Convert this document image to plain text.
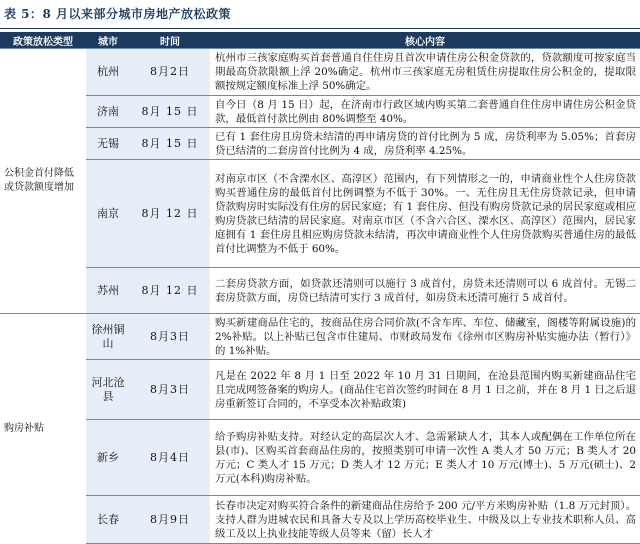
表 5：8 月以来部分城市房地产放松政策
政策放松类型	城市	时间	核心内容
公积金首付降低或贷款额度增加	杭州	8月2日	杭州市三孩家庭购买首套普通自住住房且首次申请住房公积金贷款的，贷款额度可按家庭当期最高贷款限额上浮 20%确定。杭州市三孩家庭无房租赁住房提取住房公积金的，提取限额按规定额度标准上浮 50%确定。
	济南	8月 15 日	自今日（8 月 15 日）起，在济南市行政区域内购买第二套普通自住住房申请住房公积金贷款，最低首付款比例由 80%调整至 40%。
	无锡	8月 15 日	已有 1 套住房且房贷未结清的再申请房贷的首付比例为 5 成，房贷利率为 5.05%；首套房贷已结清的二套房首付比例为 4 成，房贷利率 4.25%。
	南京	8月 12 日	对南京市区（不含溧水区、高淳区）范围内，有下列情形之一的，申请商业性个人住房贷款购买普通住房的最低首付比例调整为不低于 30%。一、无住房且无住房贷款记录，但申请贷款购房时实际没有住房的居民家庭；有 1 套住房、但没有购房贷款记录的居民家庭或相应购房贷款已结清的居民家庭。对南京市区（不含六合区、溧水区、高淳区）范围内，居民家庭拥有 1 套住房且相应购房贷款未结清，再次申请商业性个人住房贷款购买普通住房的最低首付比调整为不低于 60%。
	苏州	8月 12 日	二套房贷款方面，如贷款还清则可以施行 3 成首付，房贷未还清则可以 6 成首付。无锡二套房贷款方面，房贷已结清可实行 3 成首付，如房贷未还清可施行 5 成首付。
购房补贴	徐州铜山	8月3日	购买新建商品住宅的，按商品住房合同价款(不含车库、车位、储藏室，阁楼等附属设施)的 2%补贴。以上补贴已包含市住建局、市财政局发布《徐州市区购房补贴实施办法（暂行）》的 1%补贴。
	河北沧县	8月3日	凡是在 2022 年 8 月 1 日至 2022 年 10 月 31 日期间，在沧县范围内购买新建商品住宅且完成网签备案的购房人。(商品住宅首次签约时间在 8 月 1 日之前，并在 8 月 1 日之后退房重新签订合同的，不享受本次补贴政策)
	新乡	8月4日	给予购房补贴支持。对经认定的高层次人才、急需紧缺人才，其本人或配偶在工作单位所在县(市)、区购买首套商品住房的，按照类别可申请一次性 A 类人才 50 万元；B 类人才 20 万元；C 类人才 15 万元；D 类人才 12 万元；E 类人才 10 万元(博士)、5 万元(硕士)、2 万元(本科)购房补贴。
	长春	8月9日	长春市决定对购买符合条件的新建商品住房给予 200 元/平方米购房补贴（1.8 万元封顶）。支持人群为进城农民和具备大专及以上学历高校毕业生、中级及以上专业技术职称人员、高级工及以上执业技能等级人员等来（留）长人才
